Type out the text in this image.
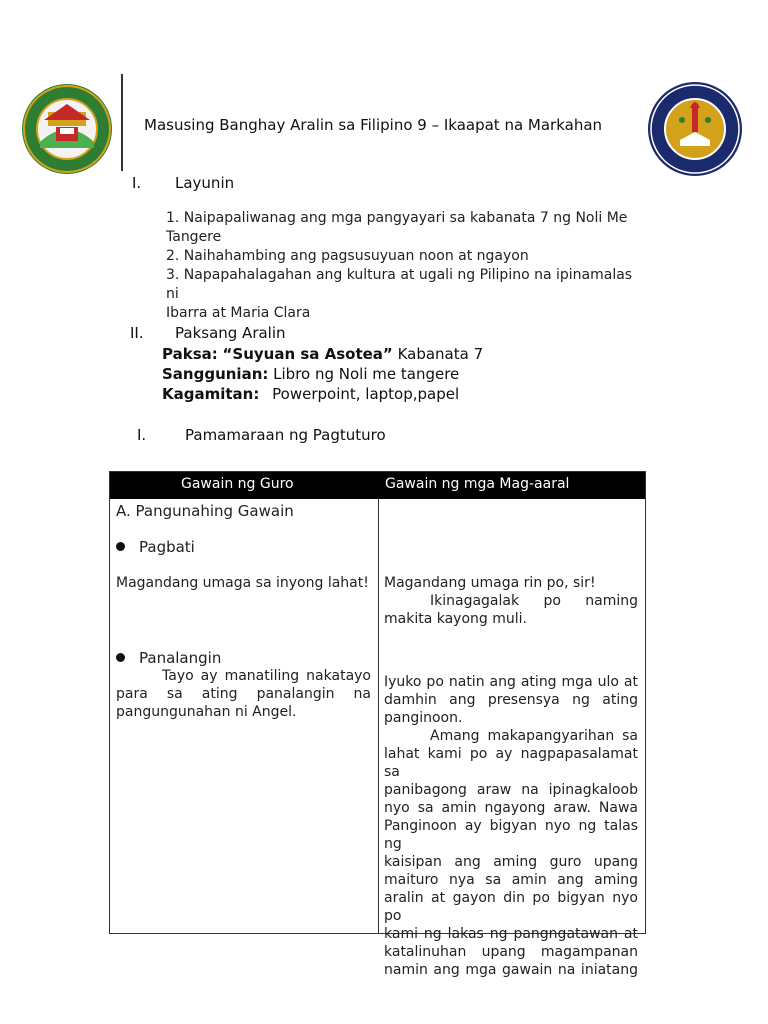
Masusing Banghay Aralin sa Filipino 9 – Ikaapat na Markahan
I. Layunin
1. Naipapaliwanag ang mga pangyayari sa kabanata 7 ng Noli Me
Tangere
2. Naihahambing ang pagsusuyuan noon at ngayon
3. Napapahalagahan ang kultura at ugali ng Pilipino na ipinamalas ni
Ibarra at Maria Clara
II. Paksang Aralin
Paksa: “Suyuan sa Asotea” Kabanata 7
Sanggunian: Libro ng Noli me tangere
Kagamitan: Powerpoint, laptop,papel
I.	Pamamaraan ng Pagtuturo
Gawain ng Guro	Gawain ng mga Mag-aaral
A. Pangunahing Gawain
Pagbati
Magandang umaga sa inyong lahat!
Panalangin
Tayo ay manatiling nakatayo
para sa ating panalangin na
pangungunahan ni Angel.
Magandang umaga rin po, sir!
Ikinagagalak po naming
makita kayong muli.
Iyuko po natin ang ating mga ulo at
damhin ang presensya ng ating
panginoon.
Amang makapangyarihan sa
lahat kami po ay nagpapasalamat sa
panibagong araw na ipinagkaloob
nyo sa amin ngayong araw. Nawa
Panginoon ay bigyan nyo ng talas ng
kaisipan ang aming guro upang
maituro nya sa amin ang aming
aralin at gayon din po bigyan nyo po
kami ng lakas ng pangngatawan at
katalinuhan upang magampanan
namin ang mga gawain na iniatang
